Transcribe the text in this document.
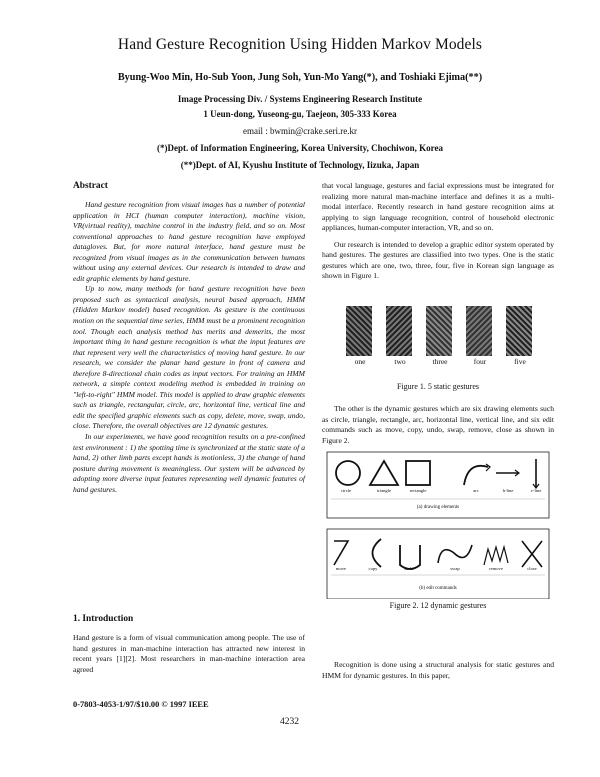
Hand Gesture Recognition Using Hidden Markov Models
Byung-Woo Min, Ho-Sub Yoon, Jung Soh, Yun-Mo Yang(*), and Toshiaki Ejima(**)
Image Processing Div. / Systems Engineering Research Institute
1 Ueun-dong, Yuseong-gu, Taejeon, 305-333 Korea
email : bwmin@crake.seri.re.kr
(*)Dept. of Information Engineering, Korea University, Chochiwon, Korea
(**)Dept. of AI, Kyushu Institute of Technology, Iizuka, Japan
Abstract

Hand gesture recognition from visual images has a number of potential application in HCI (human computer interaction), machine vision, VR(virtual reality), machine control in the industry field, and so on. Most conventional approaches to hand gesture recognition have employed datagloves. But, for more natural interface, hand gesture must be recognized from visual images as in the communication between humans without using any external devices. Our research is intended to draw and edit graphic elements by hand gesture.

Up to now, many methods for hand gesture recognition have been proposed such as syntactical analysis, neural based approach, HMM (Hidden Markov model) based recognition. As gesture is the continuous motion on the sequential time series, HMM must be a prominent recognition tool. Though each analysis method has merits and demerits, the most important thing in hand gesture recognition is what the input features are that represent very well the characteristics of moving hand gesture. In our research, we consider the planar hand gesture in front of camera and therefore 8-directional chain codes as input vectors. For training an HMM network, a simple context modeling method is embedded in training on "left-to-right" HMM model. This model is applied to draw graphic elements such as triangle, rectangular, circle, arc, horizontal line, vertical line and edit the specified graphic elements such as copy, delete, move, swap, undo, close. Therefore, the overall objectives are 12 dynamic gestures.

In our experiments, we have good recognition results on a pre-confined test environment : 1) the spotting time is synchronized at the static state of a hand, 2) other limb parts except hands is motionless, 3) the change of hand posture during movement is meaningless. Our system will be advanced by adopting more diverse input features representing well dynamic features of hand gestures.

1. Introduction

Hand gesture is a form of visual communication among people. The use of hand gestures in man-machine interaction has attracted new interest in recent years [1][2]. Most researchers in man-machine interaction area agreed

that vocal language, gestures and facial expressions must be integrated for realizing more natural man-machine interface and defines it as a multi-modal interface. Recently research in hand gesture recognition aims at applying to sign language recognition, control of household electronic appliances, human-computer interaction, VR, and so on.

Our research is intended to develop a graphic editor system operated by hand gestures. The gestures are classified into two types. One is the static gestures which are one, two, three, four, five in Korean sign language as shown in Figure 1.

one	two	three	four	five
Figure 1. 5 static gestures

The other is the dynamic gestures which are six drawing elements such as circle, triangle, rectangle, arc, horizontal line, vertical line, and six edit commands such as move, copy, undo, swap, remove, close as shown in Figure 2.

circle	triangle	rectangle	arc	h-line	v-line
(a) drawing elements
move	copy	undo	swap	remove	close
(b) edit commands
Figure 2. 12 dynamic gestures

Recognition is done using a structural analysis for static gestures and HMM for dynamic gestures. In this paper,

0-7803-4053-1/97/$10.00 © 1997 IEEE
4232
